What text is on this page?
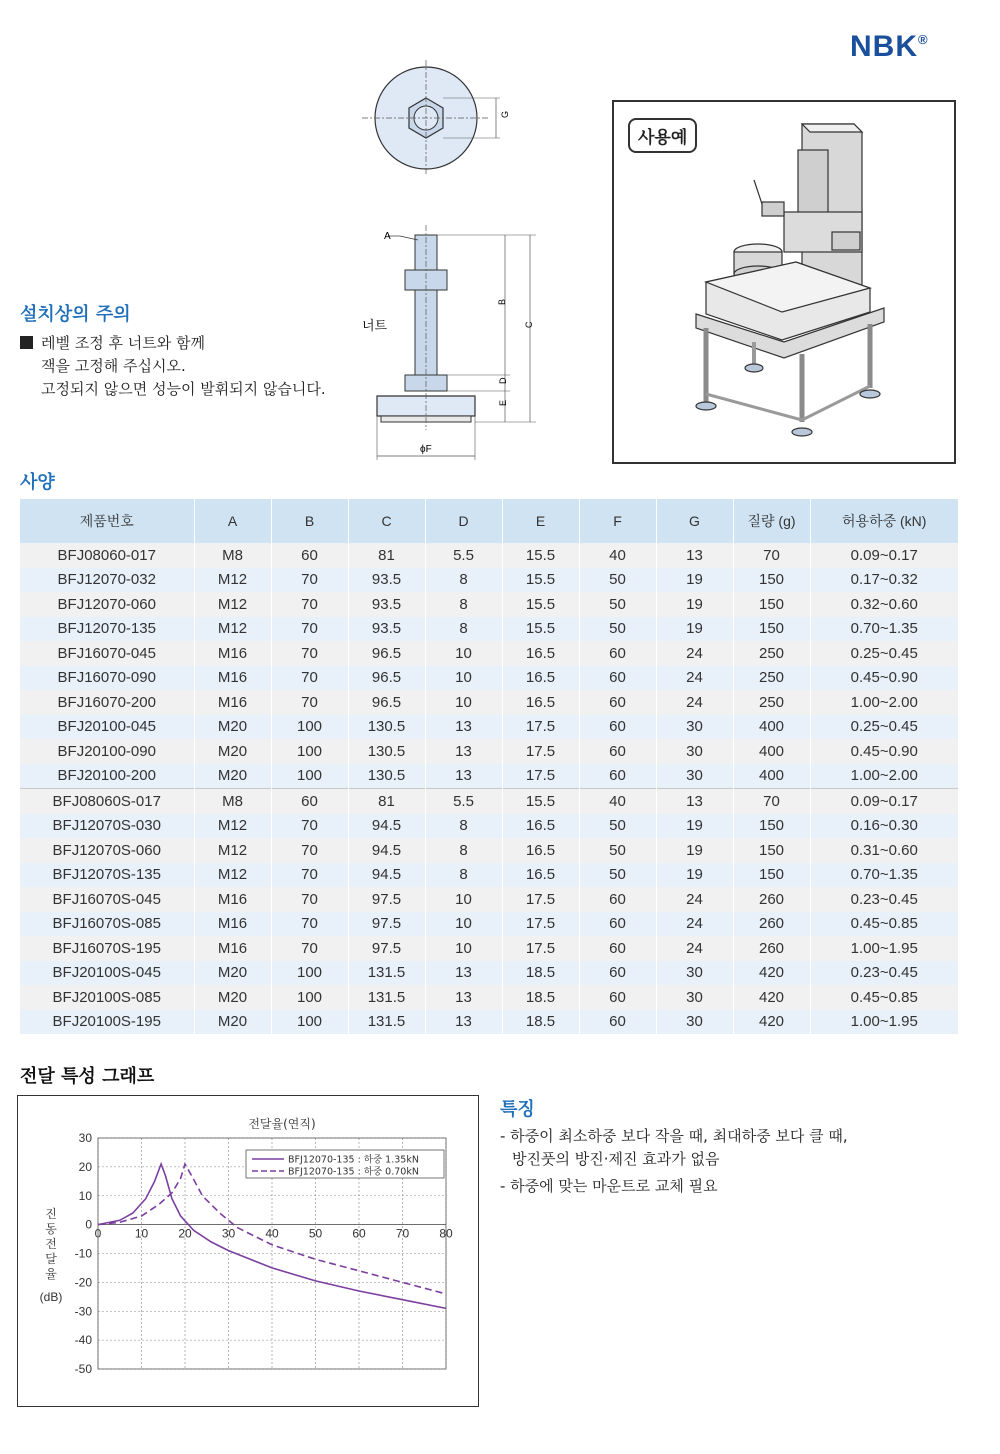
NBK®
G
A
너트
B
D
E
C
ϕF
설치상의 주의
레벨 조정 후 너트와 함께
잭을 고정해 주십시오.
고정되지 않으면 성능이 발휘되지 않습니다.
사용예
사양
제품번호	A	B	C	D	E	F	G	질량 (g)	허용하중 (kN)
BFJ08060-017	M8	60	81	5.5	15.5	40	13	70	0.09~0.17
BFJ12070-032	M12	70	93.5	8	15.5	50	19	150	0.17~0.32
BFJ12070-060	M12	70	93.5	8	15.5	50	19	150	0.32~0.60
BFJ12070-135	M12	70	93.5	8	15.5	50	19	150	0.70~1.35
BFJ16070-045	M16	70	96.5	10	16.5	60	24	250	0.25~0.45
BFJ16070-090	M16	70	96.5	10	16.5	60	24	250	0.45~0.90
BFJ16070-200	M16	70	96.5	10	16.5	60	24	250	1.00~2.00
BFJ20100-045	M20	100	130.5	13	17.5	60	30	400	0.25~0.45
BFJ20100-090	M20	100	130.5	13	17.5	60	30	400	0.45~0.90
BFJ20100-200	M20	100	130.5	13	17.5	60	30	400	1.00~2.00
BFJ08060S-017	M8	60	81	5.5	15.5	40	13	70	0.09~0.17
BFJ12070S-030	M12	70	94.5	8	16.5	50	19	150	0.16~0.30
BFJ12070S-060	M12	70	94.5	8	16.5	50	19	150	0.31~0.60
BFJ12070S-135	M12	70	94.5	8	16.5	50	19	150	0.70~1.35
BFJ16070S-045	M16	70	97.5	10	17.5	60	24	260	0.23~0.45
BFJ16070S-085	M16	70	97.5	10	17.5	60	24	260	0.45~0.85
BFJ16070S-195	M16	70	97.5	10	17.5	60	24	260	1.00~1.95
BFJ20100S-045	M20	100	131.5	13	18.5	60	30	420	0.23~0.45
BFJ20100S-085	M20	100	131.5	13	18.5	60	30	420	0.45~0.85
BFJ20100S-195	M20	100	131.5	13	18.5	60	30	420	1.00~1.95
전달 특성 그래프
0	10	20	30	40	50	60	70	80
30
20
10
0
-10
-20
-30
-40
-50
전달율(연직)
진
동
전
달
율
(dB)
BFJ12070-135 : 하중 1.35kN
BFJ12070-135 : 하중 0.70kN
특징
- 하중이 최소하중 보다 작을 때, 최대하중 보다 클 때,
방진풋의 방진·제진 효과가 없음
- 하중에 맞는 마운트로 교체 필요
